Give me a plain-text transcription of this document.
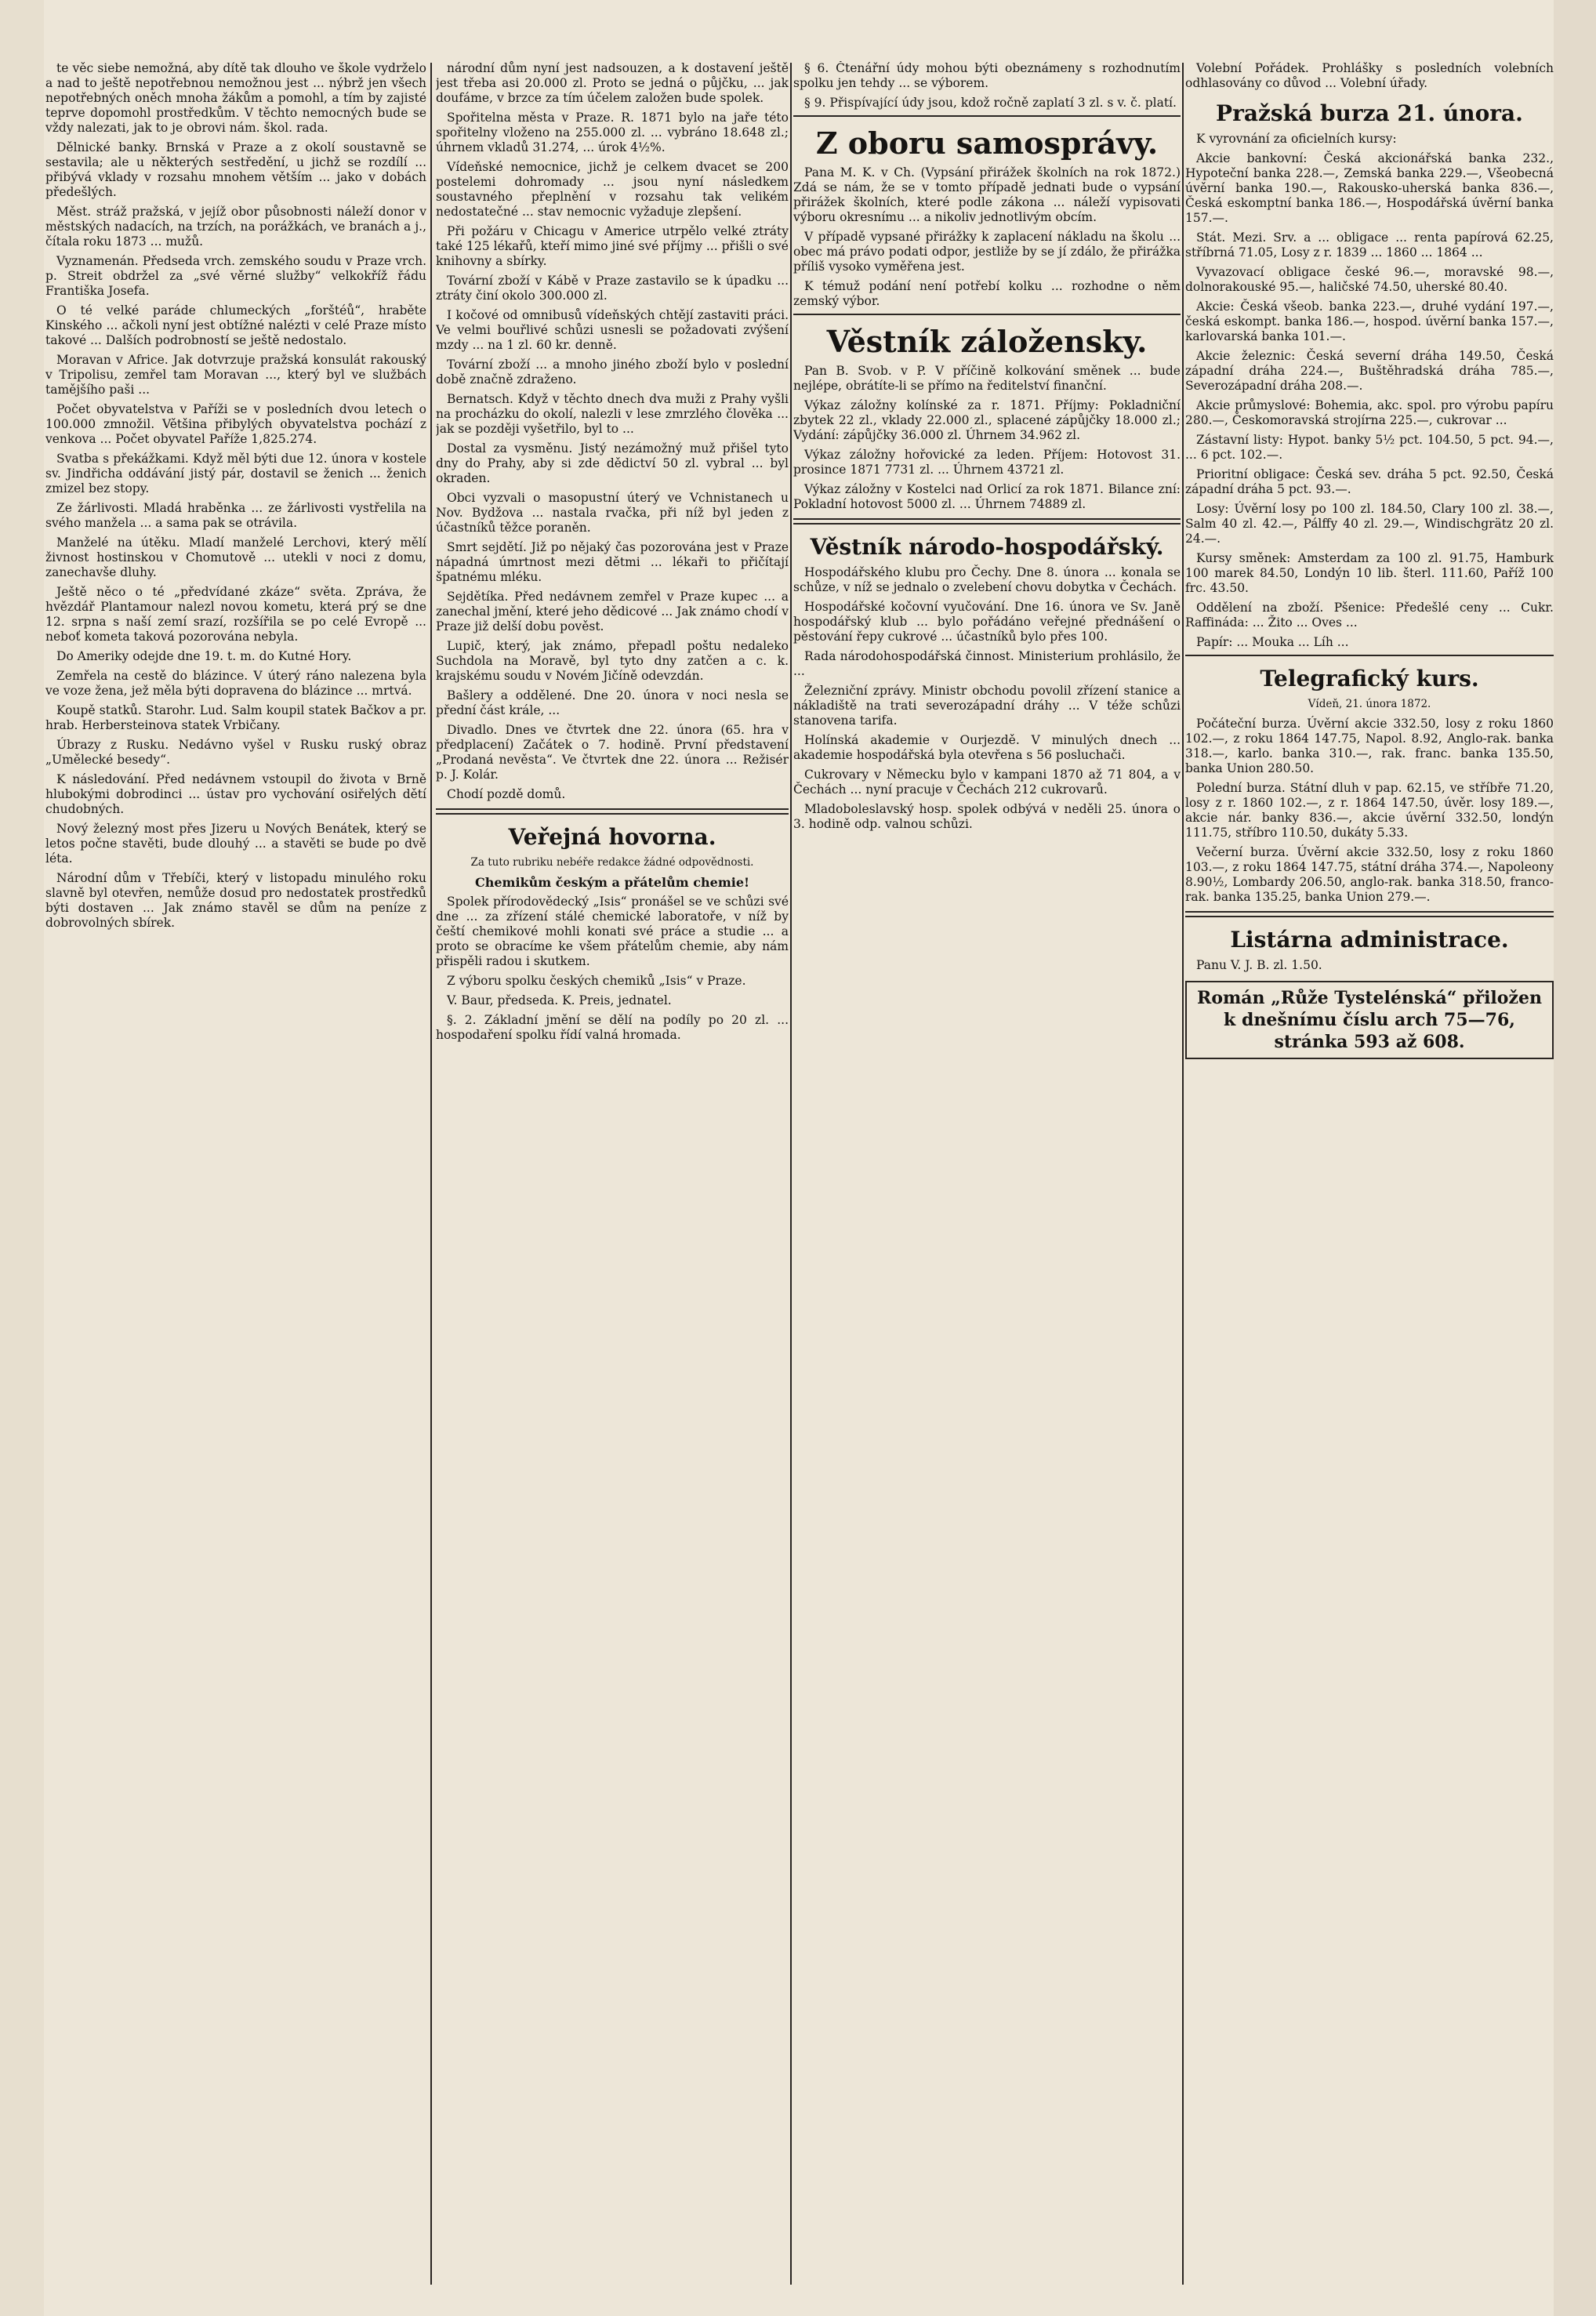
te věc siebe nemožná, aby dítě tak dlouho ve škole vydrželo a nad to ještě nepotřebnou nemožnou jest ... nýbrž jen všech nepotřebných oněch mnoha žákům a pomohl, a tím by zajisté teprve dopomohl prostředkům. V těchto nemocných bude se vždy nalezati, jak to je obrovi nám. škol. rada.
Dělnické banky. Brnská v Praze a z okolí soustavně se sestavila; ale u některých sestředění, u jichž se rozdílí ... přibývá vklady v rozsahu mnohem větším ... jako v dobách předešlých.
Měst. stráž pražská, v jejíž obor působnosti náleží donor v městských nadacích, na trzích, na porážkách, ve branách a j., čítala roku 1873 ... mužů.
Vyznamenán. Předseda vrch. zemského soudu v Praze vrch. p. Streit obdržel za „své věrné služby“ velkokříž řádu Františka Josefa.
O té velké paráde chlumeckých „forštéů“, hraběte Kinského ... ačkoli nyní jest obtížné nalézti v celé Praze místo takové ... Dalších podrobností se ještě nedostalo.
Moravan v Africe. Jak dotvrzuje pražská konsulát rakouský v Tripolisu, zemřel tam Moravan ..., který byl ve službách tamějšího paši ...
Počet obyvatelstva v Paříži se v posledních dvou letech o 100.000 zmnožil. Většina přibylých obyvatelstva pochází z venkova ... Počet obyvatel Paříže 1,825.274.
Svatba s překážkami. Když měl býti due 12. února v kostele sv. Jindřicha oddávání jistý pár, dostavil se ženich ... ženich zmizel bez stopy.
Ze žárlivosti. Mladá hraběnka ... ze žárlivosti vystřelila na svého manžela ... a sama pak se otrávila.
Manželé na útěku. Mladí manželé Lerchovi, který mělí živnost hostinskou v Chomutově ... utekli v noci z domu, zanechavše dluhy.
Ještě něco o té „předvídané zkáze“ světa. Zpráva, že hvězdář Plantamour nalezl novou kometu, která prý se dne 12. srpna s naší zemí srazí, rozšířila se po celé Evropě ... neboť kometa taková pozorována nebyla.
Do Ameriky odejde dne 19. t. m. do Kutné Hory.
Zemřela na cestě do blázince. V úterý ráno nalezena byla ve voze žena, jež měla býti dopravena do blázince ... mrtvá.
Koupě statků. Starohr. Lud. Salm koupil statek Bačkov a pr. hrab. Herbersteinova statek Vrbičany.
Úbrazy z Rusku. Nedávno vyšel v Rusku ruský obraz „Umělecké besedy“.
K následování. Před nedávnem vstoupil do života v Brně hlubokými dobrodinci ... ústav pro vychování osiřelých dětí chudobných.
Nový železný most přes Jizeru u Nových Benátek, který se letos počne stavěti, bude dlouhý ... a stavěti se bude po dvě léta.
Národní dům v Třebíči, který v listopadu minulého roku slavně byl otevřen, nemůže dosud pro nedostatek prostředků býti dostaven ... Jak známo stavěl se dům na peníze z dobrovolných sbírek.
národní dům nyní jest nadsouzen, a k dostavení ještě jest třeba asi 20.000 zl. Proto se jedná o půjčku, ... jak doufáme, v brzce za tím účelem založen bude spolek.
Spořitelna města v Praze. R. 1871 bylo na jaře této spořitelny vloženo na 255.000 zl. ... vybráno 18.648 zl.; úhrnem vkladů 31.274, ... úrok 4½%.
Vídeňské nemocnice, jichž je celkem dvacet se 200 postelemi dohromady ... jsou nyní následkem soustavného přeplnění v rozsahu tak velikém nedostatečné ... stav nemocnic vyžaduje zlepšení.
Při požáru v Chicagu v Americe utrpělo velké ztráty také 125 lékařů, kteří mimo jiné své příjmy ... přišli o své knihovny a sbírky.
Tovární zboží v Kábě v Praze zastavilo se k úpadku ... ztráty činí okolo 300.000 zl.
I kočové od omnibusů vídeňských chtějí zastaviti práci. Ve velmi bouřlivé schůzi usnesli se požadovati zvýšení mzdy ... na 1 zl. 60 kr. denně.
Tovární zboží ... a mnoho jiného zboží bylo v poslední době značně zdraženo.
Bernatsch. Když v těchto dnech dva muži z Prahy vyšli na procházku do okolí, nalezli v lese zmrzlého člověka ... jak se později vyšetřilo, byl to ...
Dostal za vysměnu. Jistý nezámožný muž přišel tyto dny do Prahy, aby si zde dědictví 50 zl. vybral ... byl okraden.
Obci vyzvali o masopustní úterý ve Vchnistanech u Nov. Bydžova ... nastala rvačka, při níž byl jeden z účastníků těžce poraněn.
Smrt sejdětí. Již po nějaký čas pozorována jest v Praze nápadná úmrtnost mezi dětmi ... lékaři to přičítají špatnému mléku.
Sejdětíka. Před nedávnem zemřel v Praze kupec ... a zanechal jmění, které jeho dědicové ... Jak známo chodí v Praze již delší dobu pověst.
Lupič, který, jak známo, přepadl poštu nedaleko Suchdola na Moravě, byl tyto dny zatčen a c. k. krajskému soudu v Novém Jičíně odevzdán.
Bašlery a oddělené. Dne 20. února v noci nesla se přední část krále, ...
Divadlo. Dnes ve čtvrtek dne 22. února (65. hra v předplacení) Začátek o 7. hodině. První představení „Prodaná nevěsta“. Ve čtvrtek dne 22. února ... Režisér p. J. Kolár.
Chodí pozdě domů.
Veřejná hovorna.
Za tuto rubriku nebéře redakce žádné odpovědnosti.
Chemikům českým a přátelům chemie!
Spolek přírodovědecký „Isis“ pronášel se ve schůzi své dne ... za zřízení stálé chemické laboratoře, v níž by čeští chemikové mohli konati své práce a studie ... a proto se obracíme ke všem přátelům chemie, aby nám přispěli radou i skutkem.
Z výboru spolku českých chemiků „Isis“ v Praze.
V. Baur, předseda. K. Preis, jednatel.
§. 2. Základní jmění se dělí na podíly po 20 zl. ... hospodaření spolku řídí valná hromada.
§ 6. Čtenářní údy mohou býti obeznámeny s rozhodnutím spolku jen tehdy ... se výborem.
§ 9. Přispívající údy jsou, kdož ročně zaplatí 3 zl. s v. č. platí.
Z oboru samosprávy.
Pana M. K. v Ch. (Vypsání přirážek školních na rok 1872.) Zdá se nám, že se v tomto případě jednati bude o vypsání přirážek školních, které podle zákona ... náleží vypisovati výboru okresnímu ... a nikoliv jednotlivým obcím.
V případě vypsané přirážky k zaplacení nákladu na školu ... obec má právo podati odpor, jestliže by se jí zdálo, že přirážka příliš vysoko vyměřena jest.
K témuž podání není potřebí kolku ... rozhodne o něm zemský výbor.
Věstník záložensky.
Pan B. Svob. v P. V příčině kolkování směnek ... bude nejlépe, obrátíte-li se přímo na ředitelství finanční.
Výkaz záložny kolínské za r. 1871. Příjmy: Pokladniční zbytek 22 zl., vklady 22.000 zl., splacené zápůjčky 18.000 zl.; Vydání: zápůjčky 36.000 zl. Úhrnem 34.962 zl.
Výkaz záložny hořovické za leden. Příjem: Hotovost 31. prosince 1871 7731 zl. ... Úhrnem 43721 zl.
Výkaz záložny v Kostelci nad Orlicí za rok 1871. Bilance zní: Pokladní hotovost 5000 zl. ... Úhrnem 74889 zl.
Věstník národo-hospodářský.
Hospodářského klubu pro Čechy. Dne 8. února ... konala se schůze, v níž se jednalo o zvelebení chovu dobytka v Čechách.
Hospodářské kočovní vyučování. Dne 16. února ve Sv. Janě hospodářský klub ... bylo pořádáno veřejné přednášení o pěstování řepy cukrové ... účastníků bylo přes 100.
Rada národohospodářská činnost. Ministerium prohlásilo, že ...
Železniční zprávy. Ministr obchodu povolil zřízení stanice a nákladiště na trati severozápadní dráhy ... V téže schůzi stanovena tarifa.
Holínská akademie v Ourjezdě. V minulých dnech ... akademie hospodářská byla otevřena s 56 posluchači.
Cukrovary v Německu bylo v kampani 1870 až 71 804, a v Čechách ... nyní pracuje v Čechách 212 cukrovarů.
Mladoboleslavský hosp. spolek odbývá v neděli 25. února o 3. hodině odp. valnou schůzi.
Volební Pořádek. Prohlášky s posledních volebních odhlasovány co důvod ... Volební úřady.
Pražská burza 21. února.
K vyrovnání za oficielních kursy:
Akcie bankovní: Česká akcionářská banka 232., Hypoteční banka 228.—, Zemská banka 229.—, Všeobecná úvěrní banka 190.—, Rakousko-uherská banka 836.—, Česká eskomptní banka 186.—, Hospodářská úvěrní banka 157.—.
Stát. Mezi. Srv. a ... obligace ... renta papírová 62.25, stříbrná 71.05, Losy z r. 1839 ... 1860 ... 1864 ...
Vyvazovací obligace české 96.—, moravské 98.—, dolnorakouské 95.—, haličské 74.50, uherské 80.40.
Akcie: Česká všeob. banka 223.—, druhé vydání 197.—, česká eskompt. banka 186.—, hospod. úvěrní banka 157.—, karlovarská banka 101.—.
Akcie železnic: Česká severní dráha 149.50, Česká západní dráha 224.—, Buštěhradská dráha 785.—, Severozápadní dráha 208.—.
Akcie průmyslové: Bohemia, akc. spol. pro výrobu papíru 280.—, Českomoravská strojírna 225.—, cukrovar ...
Zástavní listy: Hypot. banky 5½ pct. 104.50, 5 pct. 94.—, ... 6 pct. 102.—.
Prioritní obligace: Česká sev. dráha 5 pct. 92.50, Česká západní dráha 5 pct. 93.—.
Losy: Úvěrní losy po 100 zl. 184.50, Clary 100 zl. 38.—, Salm 40 zl. 42.—, Pálffy 40 zl. 29.—, Windischgrätz 20 zl. 24.—.
Kursy směnek: Amsterdam za 100 zl. 91.75, Hamburk 100 marek 84.50, Londýn 10 lib. šterl. 111.60, Paříž 100 frc. 43.50.
Oddělení na zboží. Pšenice: Předešlé ceny ... Cukr. Raffináda: ... Žito ... Oves ...
Papír: ... Mouka ... Líh ...
Telegrafický kurs.
Vídeň, 21. února 1872.
Počáteční burza. Úvěrní akcie 332.50, losy z roku 1860 102.—, z roku 1864 147.75, Napol. 8.92, Anglo-rak. banka 318.—, karlo. banka 310.—, rak. franc. banka 135.50, banka Union 280.50.
Polední burza. Státní dluh v pap. 62.15, ve stříbře 71.20, losy z r. 1860 102.—, z r. 1864 147.50, úvěr. losy 189.—, akcie nár. banky 836.—, akcie úvěrní 332.50, londýn 111.75, stříbro 110.50, dukáty 5.33.
Večerní burza. Úvěrní akcie 332.50, losy z roku 1860 103.—, z roku 1864 147.75, státní dráha 374.—, Napoleony 8.90½, Lombardy 206.50, anglo-rak. banka 318.50, franco-rak. banka 135.25, banka Union 279.—.
Listárna administrace.
Panu V. J. B. zl. 1.50.
Román „Růže Tystelénská“ přiložen k dnešnímu číslu arch 75—76, stránka 593 až 608.
